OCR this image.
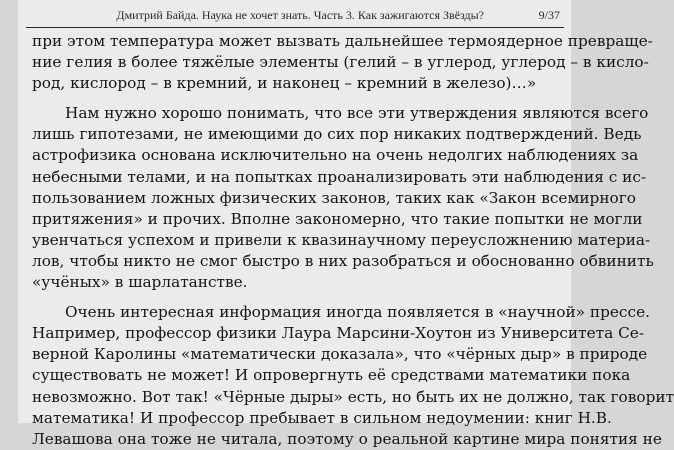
Дмитрий Байда. Наука не хочет знать. Часть 3. Как зажигаются Звёзды?	9/37
при этом температура может вызвать дальнейшее термоядерное превраще-
ние гелия в более тяжёлые элементы (гелий – в углерод, углерод – в кисло-
род, кислород – в кремний, и наконец – кремний в железо)…»
Нам нужно хорошо понимать, что все эти утверждения являются всего
лишь гипотезами, не имеющими до сих пор никаких подтверждений. Ведь
астрофизика основана исключительно на очень недолгих наблюдениях за
небесными телами, и на попытках проанализировать эти наблюдения с ис-
пользованием ложных физических законов, таких как «Закон всемирного
притяжения» и прочих. Вполне закономерно, что такие попытки не могли
увенчаться успехом и привели к квазинаучному переусложнению материа-
лов, чтобы никто не смог быстро в них разобраться и обоснованно обвинить
«учёных» в шарлатанстве.
Очень интересная информация иногда появляется в «научной» прессе.
Например, профессор физики Лаура Марсини-Хоутон из Университета Се-
верной Каролины «математически доказала», что «чёрных дыр» в природе
существовать не может! И опровергнуть её средствами математики пока
невозможно. Вот так! «Чёрные дыры» есть, но быть их не должно, так говорит
математика! И профессор пребывает в сильном недоумении: книг Н.В.
Левашова она тоже не читала, поэтому о реальной картине мира понятия не
